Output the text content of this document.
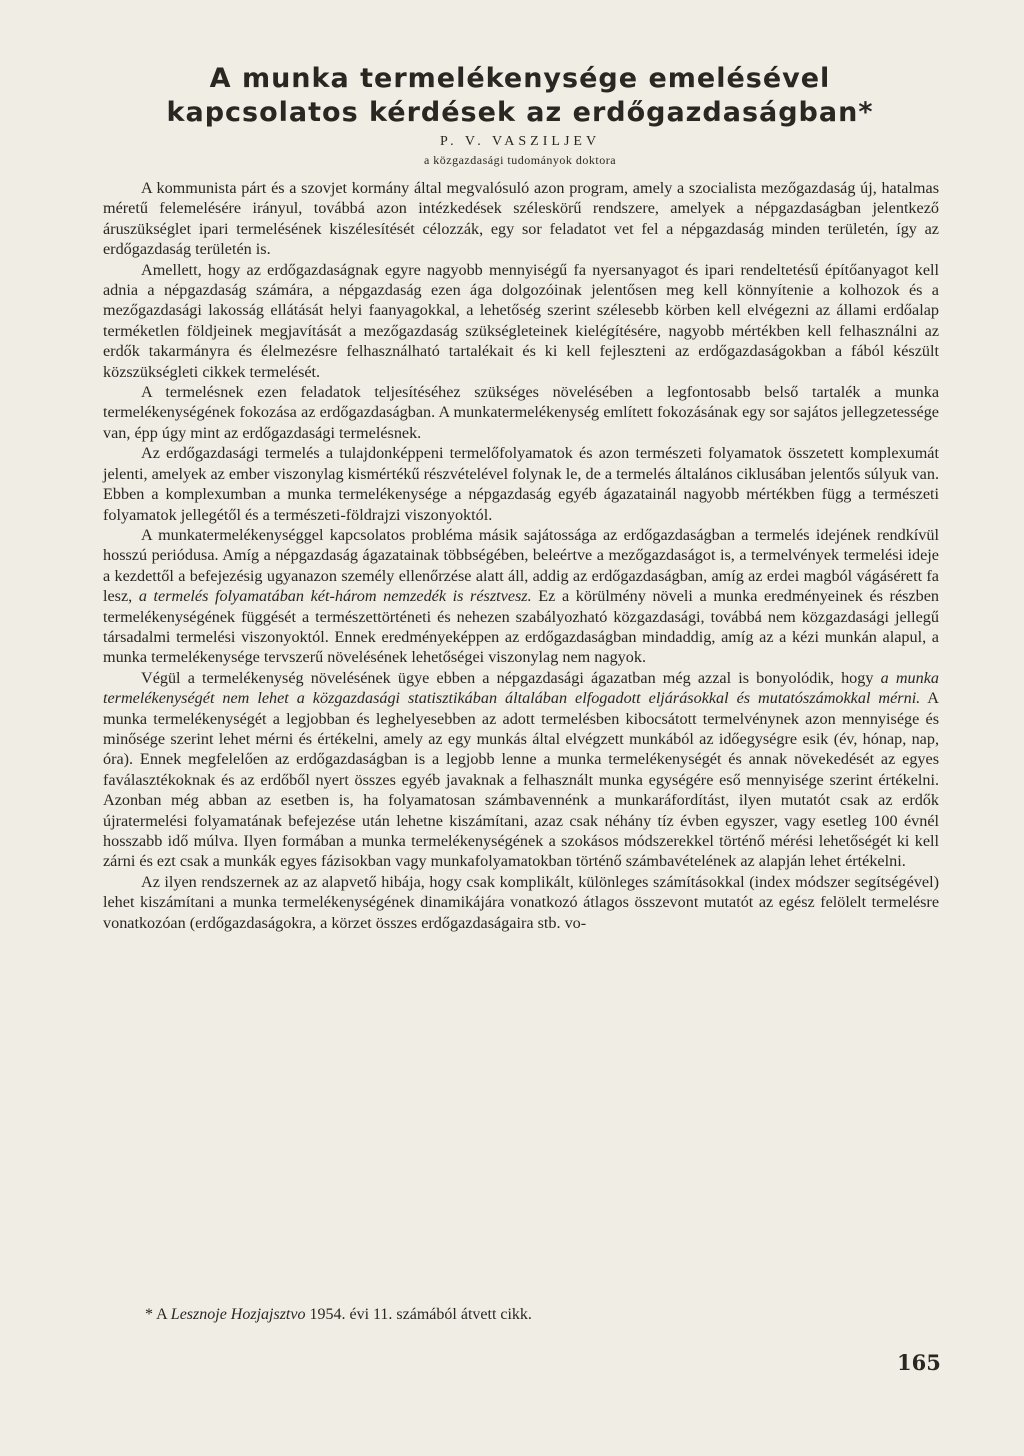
A munka termelékenysége emelésével
kapcsolatos kérdések az erdőgazdaságban*
P. V. VASZILJEV
a közgazdasági tudományok doktora

A kommunista párt és a szovjet kormány által megvalósuló azon program, amely a szocialista mezőgazdaság új, hatalmas méretű felemelésére irányul, továbbá azon intézkedések széleskörű rendszere, amelyek a népgazdaságban jelentkező áruszükséglet ipari termelésének kiszélesítését célozzák, egy sor feladatot vet fel a népgazdaság minden területén, így az erdőgazdaság területén is.

Amellett, hogy az erdőgazdaságnak egyre nagyobb mennyiségű fa nyersanyagot és ipari rendeltetésű építőanyagot kell adnia a népgazdaság számára, a népgazdaság ezen ága dolgozóinak jelentősen meg kell könnyítenie a kolhozok és a mezőgazdasági lakosság ellátását helyi faanyagokkal, a lehetőség szerint szélesebb körben kell elvégezni az állami erdőalap terméketlen földjeinek megjavítását a mezőgazdaság szükségleteinek kielégítésére, nagyobb mértékben kell felhasználni az erdők takarmányra és élelmezésre felhasználható tartalékait és ki kell fejleszteni az erdőgazdaságokban a fából készült közszükségleti cikkek termelését.

A termelésnek ezen feladatok teljesítéséhez szükséges növelésében a legfontosabb belső tartalék a munka termelékenységének fokozása az erdőgazdaságban. A munkatermelékenység említett fokozásának egy sor sajátos jellegzetessége van, épp úgy mint az erdőgazdasági termelésnek.

Az erdőgazdasági termelés a tulajdonképpeni termelőfolyamatok és azon természeti folyamatok összetett komplexumát jelenti, amelyek az ember viszonylag kismértékű részvételével folynak le, de a termelés általános ciklusában jelentős súlyuk van. Ebben a komplexumban a munka termelékenysége a népgazdaság egyéb ágazatainál nagyobb mértékben függ a természeti folyamatok jellegétől és a természeti-földrajzi viszonyoktól.

A munkatermelékenységgel kapcsolatos probléma másik sajátossága az erdőgazdaságban a termelés idejének rendkívül hosszú periódusa. Amíg a népgazdaság ágazatainak többségében, beleértve a mezőgazdaságot is, a termelvények termelési ideje a kezdettől a befejezésig ugyanazon személy ellenőrzése alatt áll, addig az erdőgazdaságban, amíg az erdei magból vágásérett fa lesz, a termelés folyamatában két-három nemzedék is résztvesz. Ez a körülmény növeli a munka eredményeinek és részben termelékenységének függését a természettörténeti és nehezen szabályozható közgazdasági, továbbá nem közgazdasági jellegű társadalmi termelési viszonyoktól. Ennek eredményeképpen az erdőgazdaságban mindaddig, amíg az a kézi munkán alapul, a munka termelékenysége tervszerű növelésének lehetőségei viszonylag nem nagyok.

Végül a termelékenység növelésének ügye ebben a népgazdasági ágazatban még azzal is bonyolódik, hogy a munka termelékenységét nem lehet a közgazdasági statisztikában általában elfogadott eljárásokkal és mutatószámokkal mérni. A munka termelékenységét a legjobban és leghelyesebben az adott termelésben kibocsátott termelvénynek azon mennyisége és minősége szerint lehet mérni és értékelni, amely az egy munkás által elvégzett munkából az időegységre esik (év, hónap, nap, óra). Ennek megfelelően az erdőgazdaságban is a legjobb lenne a munka termelékenységét és annak növekedését az egyes faválasztékoknak és az erdőből nyert összes egyéb javaknak a felhasznált munka egységére eső mennyisége szerint értékelni. Azonban még abban az esetben is, ha folyamatosan számbavennénk a munkaráfordítást, ilyen mutatót csak az erdők újratermelési folyamatának befejezése után lehetne kiszámítani, azaz csak néhány tíz évben egyszer, vagy esetleg 100 évnél hosszabb idő múlva. Ilyen formában a munka termelékenységének a szokásos módszerekkel történő mérési lehetőségét ki kell zárni és ezt csak a munkák egyes fázisokban vagy munkafolyamatokban történő számbavételének az alapján lehet értékelni.

Az ilyen rendszernek az az alapvető hibája, hogy csak komplikált, különleges számításokkal (index módszer segítségével) lehet kiszámítani a munka termelékenységének dinamikájára vonatkozó átlagos összevont mutatót az egész felölelt termelésre vonatkozóan (erdőgazdaságokra, a körzet összes erdőgazdaságaira stb. vo-

* A Lesznoje Hozjajsztvo 1954. évi 11. számából átvett cikk.
165
